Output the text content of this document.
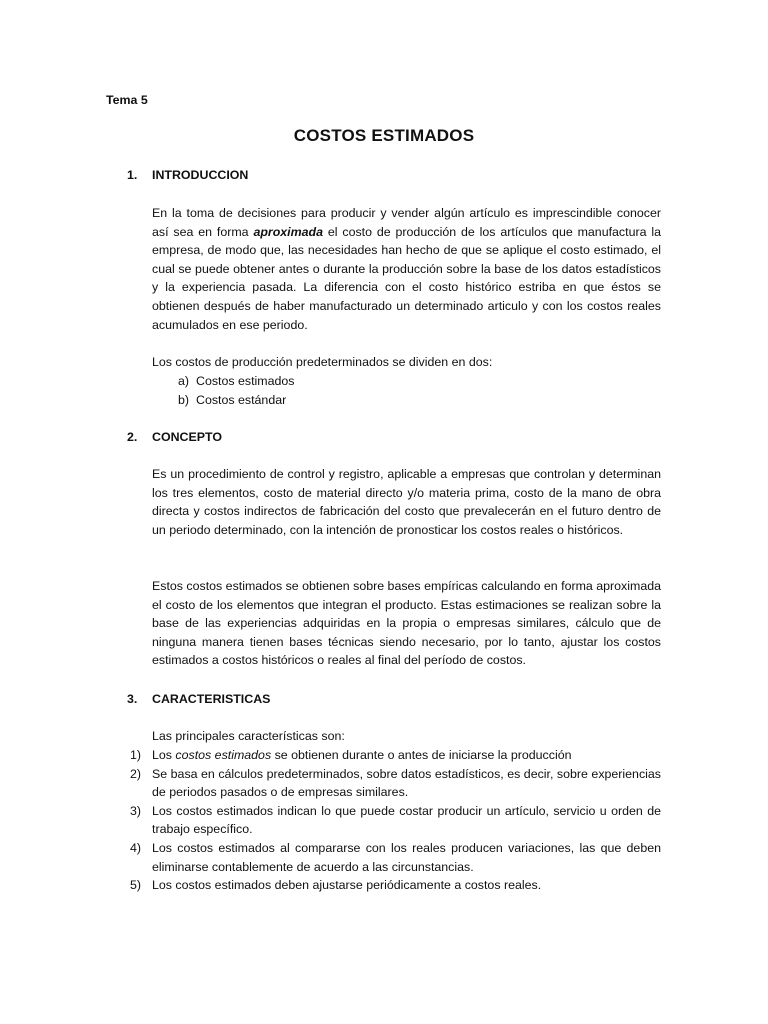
Tema 5
COSTOS ESTIMADOS
1. INTRODUCCION

En la toma de decisiones para producir y vender algún artículo es imprescindible conocer así sea en forma aproximada el costo de producción de los artículos que manufactura la empresa, de modo que, las necesidades han hecho de que se aplique el costo estimado, el cual se puede obtener antes o durante la producción sobre la base de los datos estadísticos y la experiencia pasada. La diferencia con el costo histórico estriba en que éstos se obtienen después de haber manufacturado un determinado articulo y con los costos reales acumulados en ese periodo.

Los costos de producción predeterminados se dividen en dos:

a) Costos estimados
b) Costos estándar
2. CONCEPTO

Es un procedimiento de control y registro, aplicable a empresas que controlan y determinan los tres elementos, costo de material directo y/o materia prima, costo de la mano de obra directa y costos indirectos de fabricación del costo que prevalecerán en el futuro dentro de un periodo determinado, con la intención de pronosticar los costos reales o históricos.

Estos costos estimados se obtienen sobre bases empíricas calculando en forma aproximada el costo de los elementos que integran el producto. Estas estimaciones se realizan sobre la base de las experiencias adquiridas en la propia o empresas similares, cálculo que de ninguna manera tienen bases técnicas siendo necesario, por lo tanto, ajustar los costos estimados a costos históricos o reales al final del período de costos.

3. CARACTERISTICAS

Las principales características son:

1) Los costos estimados se obtienen durante o antes de iniciarse la producción
2) Se basa en cálculos predeterminados, sobre datos estadísticos, es decir, sobre experiencias de periodos pasados o de empresas similares.
3) Los costos estimados indican lo que puede costar producir un artículo, servicio u orden de trabajo específico.
4) Los costos estimados al compararse con los reales producen variaciones, las que deben eliminarse contablemente de acuerdo a las circunstancias.
5) Los costos estimados deben ajustarse periódicamente a costos reales.
